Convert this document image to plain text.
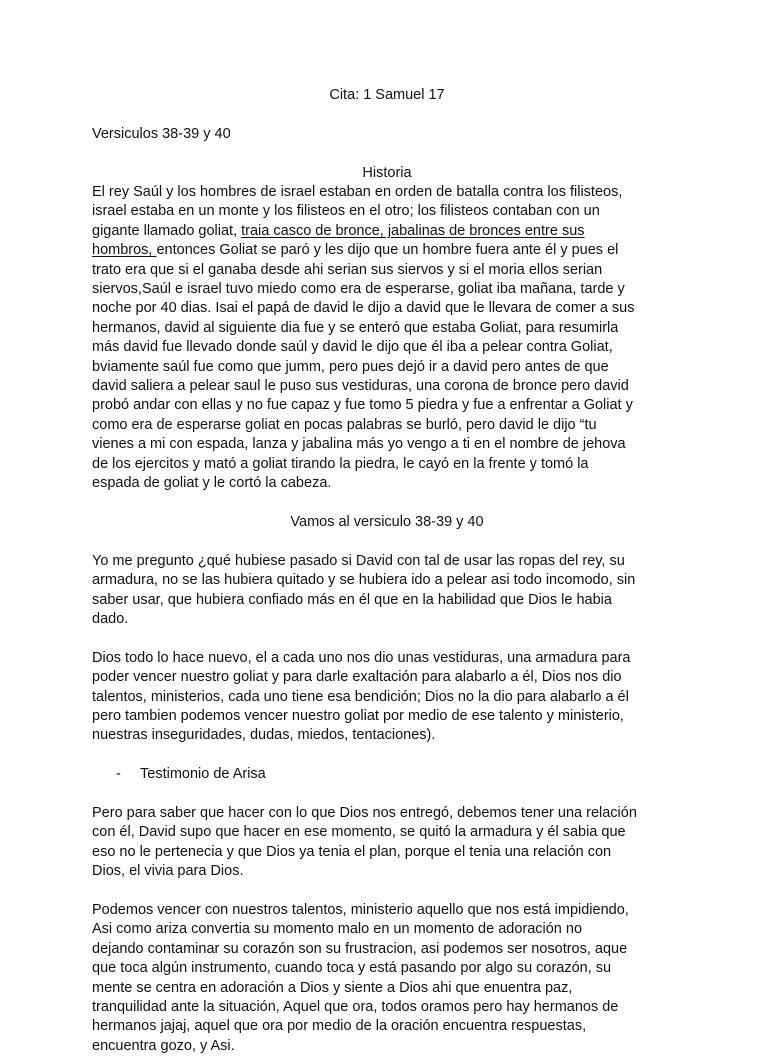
Cita: 1 Samuel 17
Versiculos 38-39 y 40
Historia
El rey Saúl y los hombres de israel estaban en orden de batalla contra los filisteos,
israel estaba en un monte y los filisteos en el otro; los filisteos contaban con un
gigante llamado goliat, traia casco de bronce, jabalinas de bronces entre sus
hombros, entonces Goliat se paró y les dijo que un hombre fuera ante él y pues el
trato era que si el ganaba desde ahi serian sus siervos y si el moria ellos serian
siervos,Saúl e israel tuvo miedo como era de esperarse, goliat iba mañana, tarde y
noche por 40 dias. Isai el papá de david le dijo a david que le llevara de comer a sus
hermanos, david al siguiente dia fue y se enteró que estaba Goliat, para resumirla
más david fue llevado donde saúl y david le dijo que él iba a pelear contra Goliat,
bviamente saúl fue como que jumm, pero pues dejó ir a david pero antes de que
david saliera a pelear saul le puso sus vestiduras, una corona de bronce pero david
probó andar con ellas y no fue capaz y fue tomo 5 piedra y fue a enfrentar a Goliat y
como era de esperarse goliat en pocas palabras se burló, pero david le dijo “tu
vienes a mi con espada, lanza y jabalina más yo vengo a ti en el nombre de jehova
de los ejercitos y mató a goliat tirando la piedra, le cayó en la frente y tomó la
espada de goliat y le cortó la cabeza.
Vamos al versiculo 38-39 y 40
Yo me pregunto ¿qué hubiese pasado si David con tal de usar las ropas del rey, su
armadura, no se las hubiera quitado y se hubiera ido a pelear asi todo incomodo, sin
saber usar, que hubiera confiado más en él que en la habilidad que Dios le habia
dado.
Dios todo lo hace nuevo, el a cada uno nos dio unas vestiduras, una armadura para
poder vencer nuestro goliat y para darle exaltación para alabarlo a él, Dios nos dio
talentos, ministerios, cada uno tiene esa bendición; Dios no la dio para alabarlo a él
pero tambien podemos vencer nuestro goliat por medio de ese talento y ministerio,
nuestras inseguridades, dudas, miedos, tentaciones).
- Testimonio de Arisa
Pero para saber que hacer con lo que Dios nos entregó, debemos tener una relación
con él, David supo que hacer en ese momento, se quitó la armadura y él sabia que
eso no le pertenecia y que Dios ya tenia el plan, porque el tenia una relación con
Dios, el vivia para Dios.
Podemos vencer con nuestros talentos, ministerio aquello que nos está impidiendo,
Asi como ariza convertia su momento malo en un momento de adoración no
dejando contaminar su corazón son su frustracion, asi podemos ser nosotros, aque
que toca algún instrumento, cuando toca y está pasando por algo su corazón, su
mente se centra en adoración a Dios y siente a Dios ahi que enuentra paz,
tranquilidad ante la situación, Aquel que ora, todos oramos pero hay hermanos de
hermanos jajaj, aquel que ora por medio de la oración encuentra respuestas,
encuentra gozo, y Asi.
